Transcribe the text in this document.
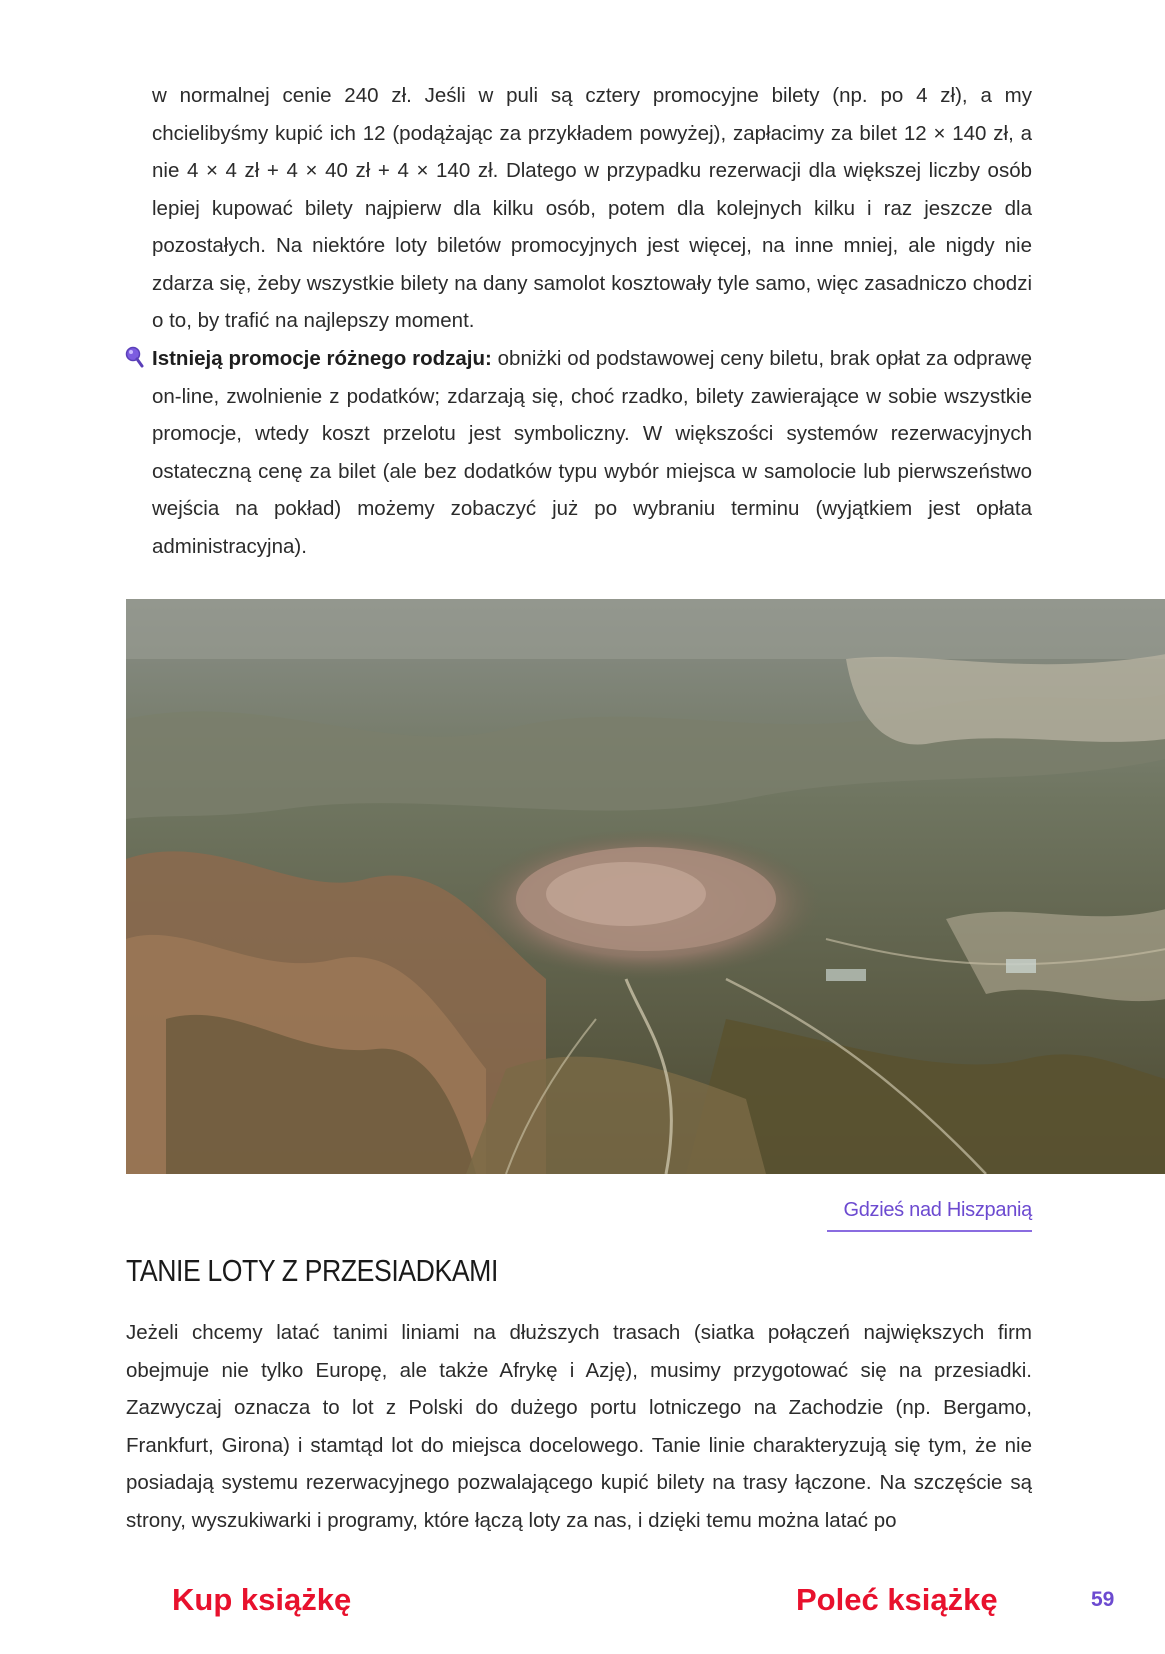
w normalnej cenie 240 zł. Jeśli w puli są cztery promocyjne bilety (np. po 4 zł), a my chcielibyśmy kupić ich 12 (podążając za przykładem powyżej), zapłacimy za bilet 12 × 140 zł, a nie 4 × 4 zł + 4 × 40 zł + 4 × 140 zł. Dlatego w przypadku rezerwacji dla większej liczby osób lepiej kupować bilety najpierw dla kilku osób, potem dla kolejnych kilku i raz jeszcze dla pozostałych. Na niektóre loty biletów promocyjnych jest więcej, na inne mniej, ale nigdy nie zdarza się, żeby wszystkie bilety na dany samolot kosztowały tyle samo, więc zasadniczo chodzi o to, by trafić na najlepszy moment.

Istnieją promocje różnego rodzaju: obniżki od podstawowej ceny biletu, brak opłat za odprawę on-line, zwolnienie z podatków; zdarzają się, choć rzadko, bilety zawierające w sobie wszystkie promocje, wtedy koszt przelotu jest symboliczny. W większości systemów rezerwacyjnych ostateczną cenę za bilet (ale bez dodatków typu wybór miejsca w samolocie lub pierwszeństwo wejścia na pokład) możemy zobaczyć już po wybraniu terminu (wyjątkiem jest opłata administracyjna).

Gdzieś nad Hiszpanią
TANIE LOTY Z PRZESIADKAMI

Jeżeli chcemy latać tanimi liniami na dłuższych trasach (siatka połączeń największych firm obejmuje nie tylko Europę, ale także Afrykę i Azję), musimy przygotować się na przesiadki. Zazwyczaj oznacza to lot z Polski do dużego portu lotniczego na Zachodzie (np. Bergamo, Frankfurt, Girona) i stamtąd lot do miejsca docelowego. Tanie linie charakteryzują się tym, że nie posiadają systemu rezerwacyjnego pozwalającego kupić bilety na trasy łączone. Na szczęście są strony, wyszukiwarki i programy, które łączą loty za nas, i dzięki temu można latać po

Kup książkę	Poleć książkę	59
